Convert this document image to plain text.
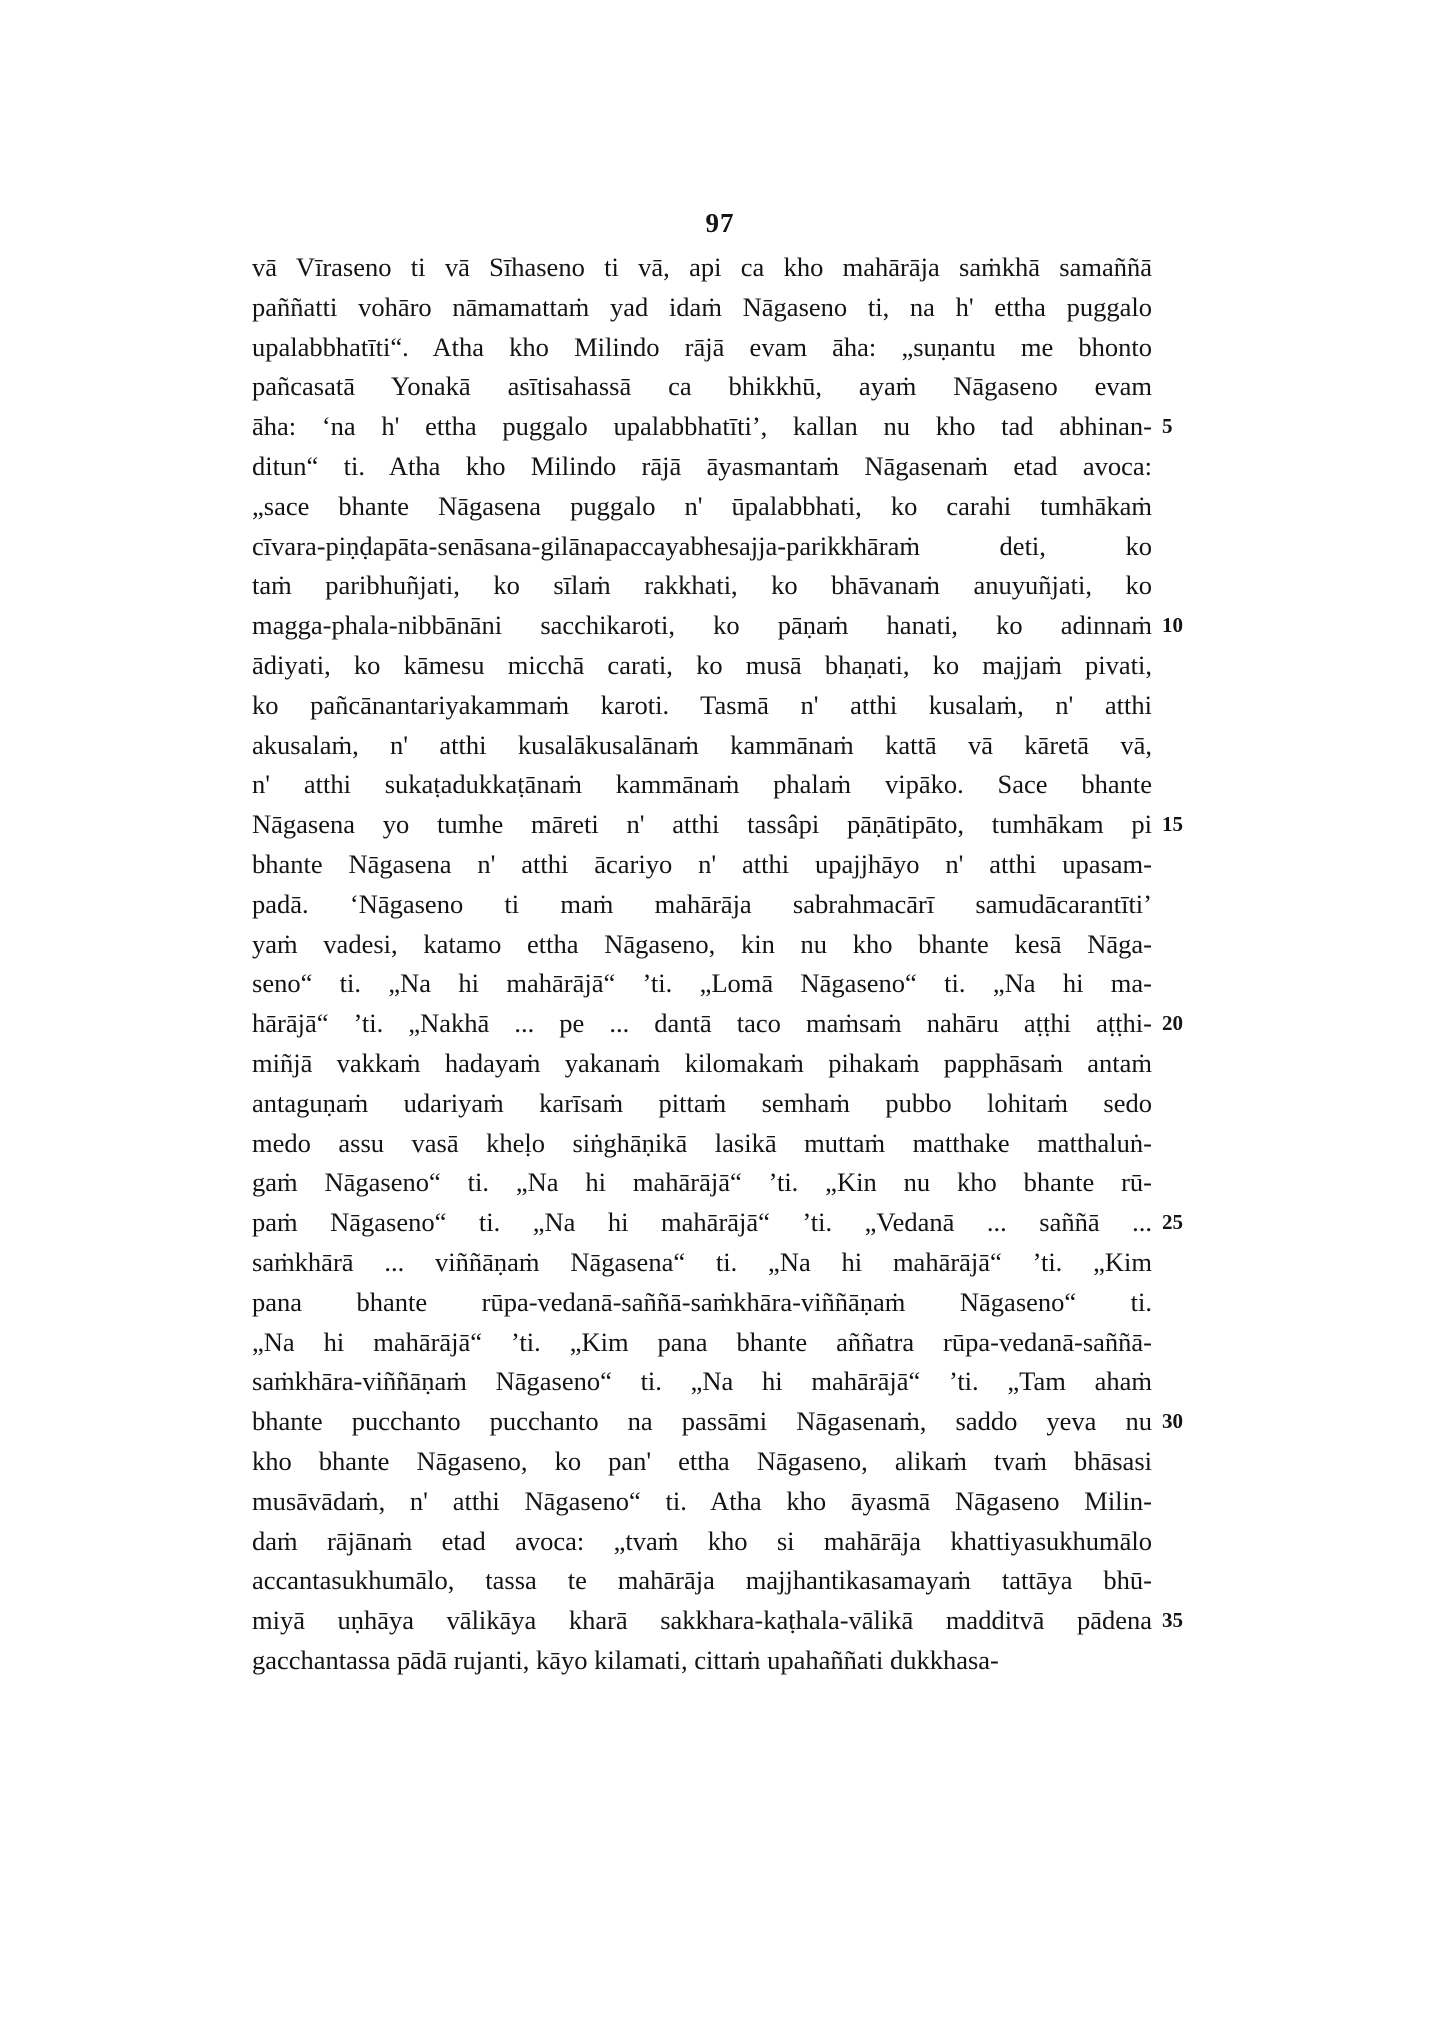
97
vā Vīraseno ti vā Sīhaseno ti vā, api ca kho mahārāja saṁkhā samaññā
paññatti vohāro nāmamattaṁ yad idaṁ Nāgaseno ti, na h' ettha puggalo
upalabbhatīti“. Atha kho Milindo rājā evam āha: „suṇantu me bhonto
pañcasatā Yonakā asītisahassā ca bhikkhū, ayaṁ Nāgaseno evam
āha: ‘na h' ettha puggalo upalabbhatīti’, kallan nu kho tad abhinan- 5
ditun“ ti. Atha kho Milindo rājā āyasmantaṁ Nāgasenaṁ etad avoca:
„sace bhante Nāgasena puggalo n' ūpalabbhati, ko carahi tumhākaṁ
cīvara-piṇḍapāta-senāsana-gilānapaccayabhesajja-parikkhāraṁ deti, ko
taṁ paribhuñjati, ko sīlaṁ rakkhati, ko bhāvanaṁ anuyuñjati, ko
magga-phala-nibbānāni sacchikaroti, ko pāṇaṁ hanati, ko adinnaṁ 10
ādiyati, ko kāmesu micchā carati, ko musā bhaṇati, ko majjaṁ pivati,
ko pañcānantariyakammaṁ karoti. Tasmā n' atthi kusalaṁ, n' atthi
akusalaṁ, n' atthi kusalākusalānaṁ kammānaṁ kattā vā kāretā vā,
n' atthi sukaṭadukkaṭānaṁ kammānaṁ phalaṁ vipāko. Sace bhante
Nāgasena yo tumhe māreti n' atthi tassâpi pāṇātipāto, tumhākam pi 15
bhante Nāgasena n' atthi ācariyo n' atthi upajjhāyo n' atthi upasam-
padā. ‘Nāgaseno ti maṁ mahārāja sabrahmacārī samudācarantīti’
yaṁ vadesi, katamo ettha Nāgaseno, kin nu kho bhante kesā Nāga-
seno“ ti. „Na hi mahārājā“ ’ti. „Lomā Nāgaseno“ ti. „Na hi ma-
hārājā“ ’ti. „Nakhā ... pe ... dantā taco maṁsaṁ nahāru aṭṭhi aṭṭhi- 20
miñjā vakkaṁ hadayaṁ yakanaṁ kilomakaṁ pihakaṁ papphāsaṁ antaṁ
antaguṇaṁ udariyaṁ karīsaṁ pittaṁ semhaṁ pubbo lohitaṁ sedo
medo assu vasā kheḷo siṅghāṇikā lasikā muttaṁ matthake matthaluṅ-
gaṁ Nāgaseno“ ti. „Na hi mahārājā“ ’ti. „Kin nu kho bhante rū-
paṁ Nāgaseno“ ti. „Na hi mahārājā“ ’ti. „Vedanā ... saññā ... 25
saṁkhārā ... viññāṇaṁ Nāgasena“ ti. „Na hi mahārājā“ ’ti. „Kim
pana bhante rūpa-vedanā-saññā-saṁkhāra-viññāṇaṁ Nāgaseno“ ti.
„Na hi mahārājā“ ’ti. „Kim pana bhante aññatra rūpa-vedanā-saññā-
saṁkhāra-viññāṇaṁ Nāgaseno“ ti. „Na hi mahārājā“ ’ti. „Tam ahaṁ
bhante pucchanto pucchanto na passāmi Nāgasenaṁ, saddo yeva nu 30
kho bhante Nāgaseno, ko pan' ettha Nāgaseno, alikaṁ tvaṁ bhāsasi
musāvādaṁ, n' atthi Nāgaseno“ ti. Atha kho āyasmā Nāgaseno Milin-
daṁ rājānaṁ etad avoca: „tvaṁ kho si mahārāja khattiyasukhumālo
accantasukhumālo, tassa te mahārāja majjhantikasamayaṁ tattāya bhū-
miyā uṇhāya vālikāya kharā sakkhara-kaṭhala-vālikā madditvā pādena 35
gacchantassa pādā rujanti, kāyo kilamati, cittaṁ upahaññati dukkhasa-
